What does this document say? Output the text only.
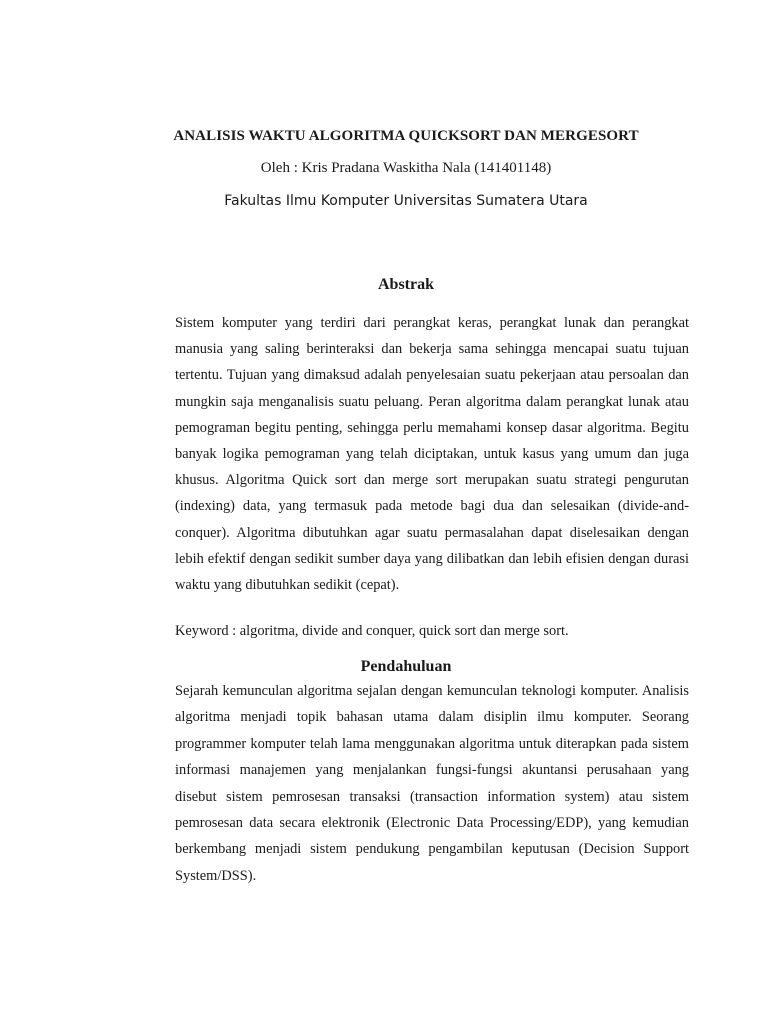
ANALISIS WAKTU ALGORITMA QUICKSORT DAN MERGESORT
Oleh : Kris Pradana Waskitha Nala (141401148)
Fakultas Ilmu Komputer Universitas Sumatera Utara
Abstrak
Sistem komputer yang terdiri dari perangkat keras, perangkat lunak dan perangkat manusia yang saling berinteraksi dan bekerja sama sehingga mencapai suatu tujuan tertentu. Tujuan yang dimaksud adalah penyelesaian suatu pekerjaan atau persoalan dan mungkin saja menganalisis suatu peluang. Peran algoritma dalam perangkat lunak atau pemograman begitu penting, sehingga perlu memahami konsep dasar algoritma. Begitu banyak logika pemograman yang telah diciptakan, untuk kasus yang umum dan juga khusus. Algoritma Quick sort dan merge sort merupakan suatu strategi pengurutan (indexing) data, yang termasuk pada metode bagi dua dan selesaikan (divide-and-conquer). Algoritma dibutuhkan agar suatu permasalahan dapat diselesaikan dengan lebih efektif dengan sedikit sumber daya yang dilibatkan dan lebih efisien dengan durasi waktu yang dibutuhkan sedikit (cepat).
Keyword : algoritma, divide and conquer, quick sort dan merge sort.
Pendahuluan
Sejarah kemunculan algoritma sejalan dengan kemunculan teknologi komputer. Analisis algoritma menjadi topik bahasan utama dalam disiplin ilmu komputer. Seorang programmer komputer telah lama menggunakan algoritma untuk diterapkan pada sistem informasi manajemen yang menjalankan fungsi-fungsi akuntansi perusahaan yang disebut sistem pemrosesan transaksi (transaction information system) atau sistem pemrosesan data secara elektronik (Electronic Data Processing/EDP), yang kemudian berkembang menjadi sistem pendukung pengambilan keputusan (Decision Support System/DSS).
